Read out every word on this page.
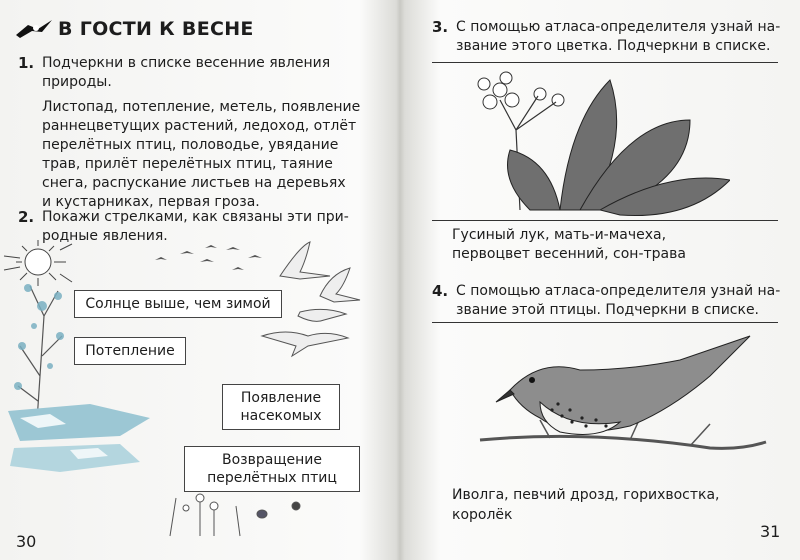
В ГОСТИ К ВЕСНЕ
1. Подчеркни в списке весенние явления
природы.
Листопад, потепление, метель, появление
раннецветущих растений, ледоход, отлёт
перелётных птиц, половодье, увядание
трав, прилёт перелётных птиц, таяние
снега, распускание листьев на деревьях
и кустарниках, первая гроза.
2. Покажи стрелками, как связаны эти при-
родные явления.
Солнце выше, чем зимой
Потепление
Появление
насекомых
Возвращение
перелётных птиц
30
3. С помощью атласа-определителя узнай на-
звание этого цветка. Подчеркни в списке.
Гусиный лук, мать-и-мачеха,
первоцвет весенний, сон-трава
4. С помощью атласа-определителя узнай на-
звание этой птицы. Подчеркни в списке.
Иволга, певчий дрозд, горихвостка,
королёк
31
